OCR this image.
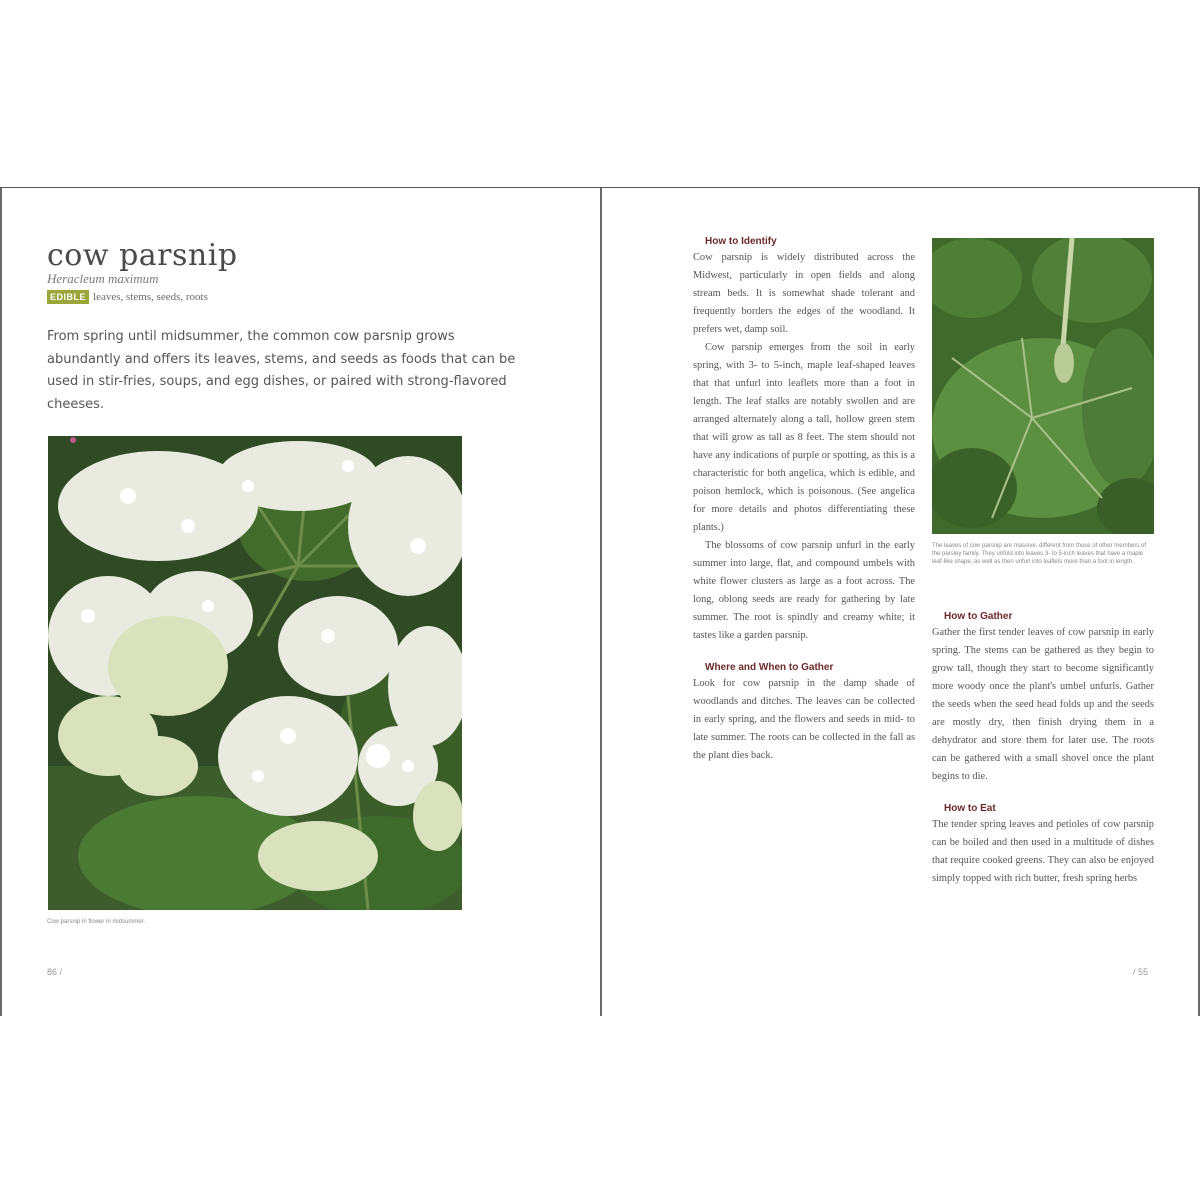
cow parsnip
Heracleum maximum
EDIBLE leaves, stems, seeds, roots

From spring until midsummer, the common cow parsnip grows abundantly and offers its leaves, stems, and seeds as foods that can be used in stir-fries, soups, and egg dishes, or paired with strong-flavored cheeses.

Cow parsnip in flower in midsummer.
86 /
How to Identify

Cow parsnip is widely distributed across the Midwest, particularly in open fields and along stream beds. It is somewhat shade tolerant and frequently borders the edges of the woodland. It prefers wet, damp soil.

Cow parsnip emerges from the soil in early spring, with 3- to 5-inch, maple leaf-shaped leaves that that unfurl into leaflets more than a foot in length. The leaf stalks are notably swollen and are arranged alternately along a tall, hollow green stem that will grow as tall as 8 feet. The stem should not have any indications of purple or spotting, as this is a characteristic for both angelica, which is edible, and poison hemlock, which is poisonous. (See angelica for more details and photos differentiating these plants.)

The blossoms of cow parsnip unfurl in the early summer into large, flat, and compound umbels with white flower clusters as large as a foot across. The long, oblong seeds are ready for gathering by late summer. The root is spindly and creamy white; it tastes like a garden parsnip.

Where and When to Gather

Look for cow parsnip in the damp shade of woodlands and ditches. The leaves can be collected in early spring, and the flowers and seeds in mid- to late summer. The roots can be collected in the fall as the plant dies back.

The leaves of cow parsnip are massive, different from those of other members of the parsley family. They unfold into leaves 3- to 5-inch leaves that have a maple leaf-like shape, as well as then unfurl into leaflets more than a foot in length.
How to Gather

Gather the first tender leaves of cow parsnip in early spring. The stems can be gathered as they begin to grow tall, though they start to become significantly more woody once the plant's umbel unfurls. Gather the seeds when the seed head folds up and the seeds are mostly dry, then finish drying them in a dehydrator and store them for later use. The roots can be gathered with a small shovel once the plant begins to die.

How to Eat

The tender spring leaves and petioles of cow parsnip can be boiled and then used in a multitude of dishes that require cooked greens. They can also be enjoyed simply topped with rich butter, fresh spring herbs

/ 55
